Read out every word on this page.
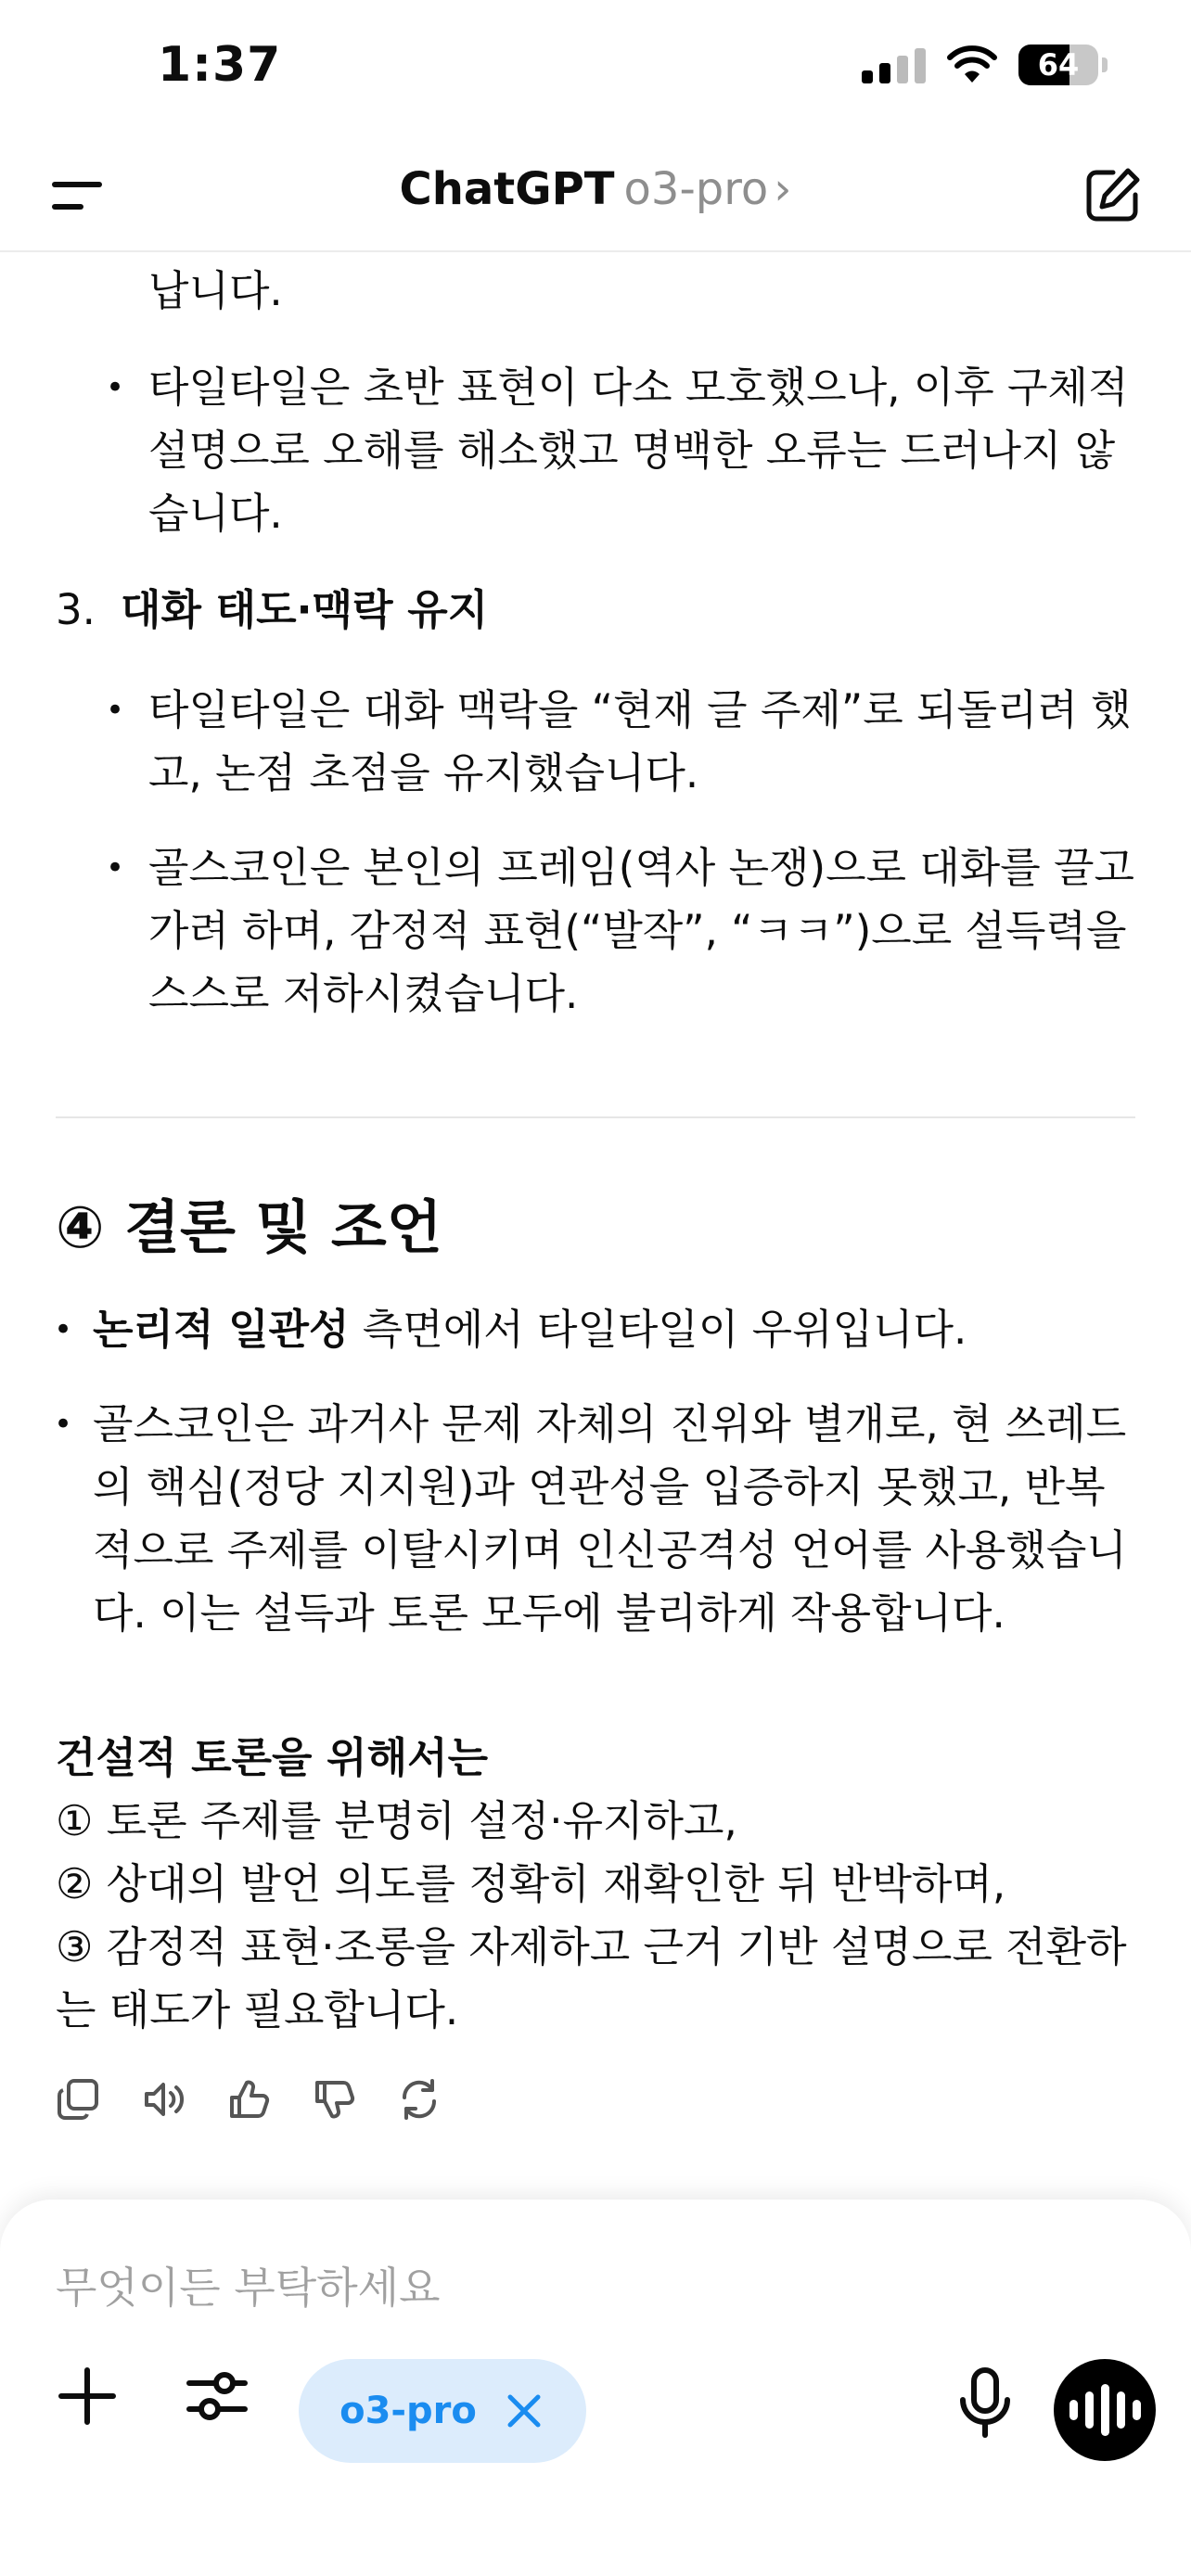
1:37	64
ChatGPT o3-pro ›
납니다.
• 타일타일은 초반 표현이 다소 모호했으나, 이후 구체적 설명으로 오해를 해소했고 명백한 오류는 드러나지 않습니다.
3. 대화 태도·맥락 유지
• 타일타일은 대화 맥락을 “현재 글 주제”로 되돌리려 했고, 논점 초점을 유지했습니다.
• 골스코인은 본인의 프레임(역사 논쟁)으로 대화를 끌고 가려 하며, 감정적 표현(“발작”, “ㅋㅋ”)으로 설득력을 스스로 저하시켰습니다.
④ 결론 및 조언
• 논리적 일관성 측면에서 타일타일이 우위입니다.
• 골스코인은 과거사 문제 자체의 진위와 별개로, 현 쓰레드의 핵심(정당 지지원)과 연관성을 입증하지 못했고, 반복적으로 주제를 이탈시키며 인신공격성 언어를 사용했습니다. 이는 설득과 토론 모두에 불리하게 작용합니다.
건설적 토론을 위해서는
① 토론 주제를 분명히 설정·유지하고,
② 상대의 발언 의도를 정확히 재확인한 뒤 반박하며,
③ 감정적 표현·조롱을 자제하고 근거 기반 설명으로 전환하는 태도가 필요합니다.
무엇이든 부탁하세요
o3-pro
